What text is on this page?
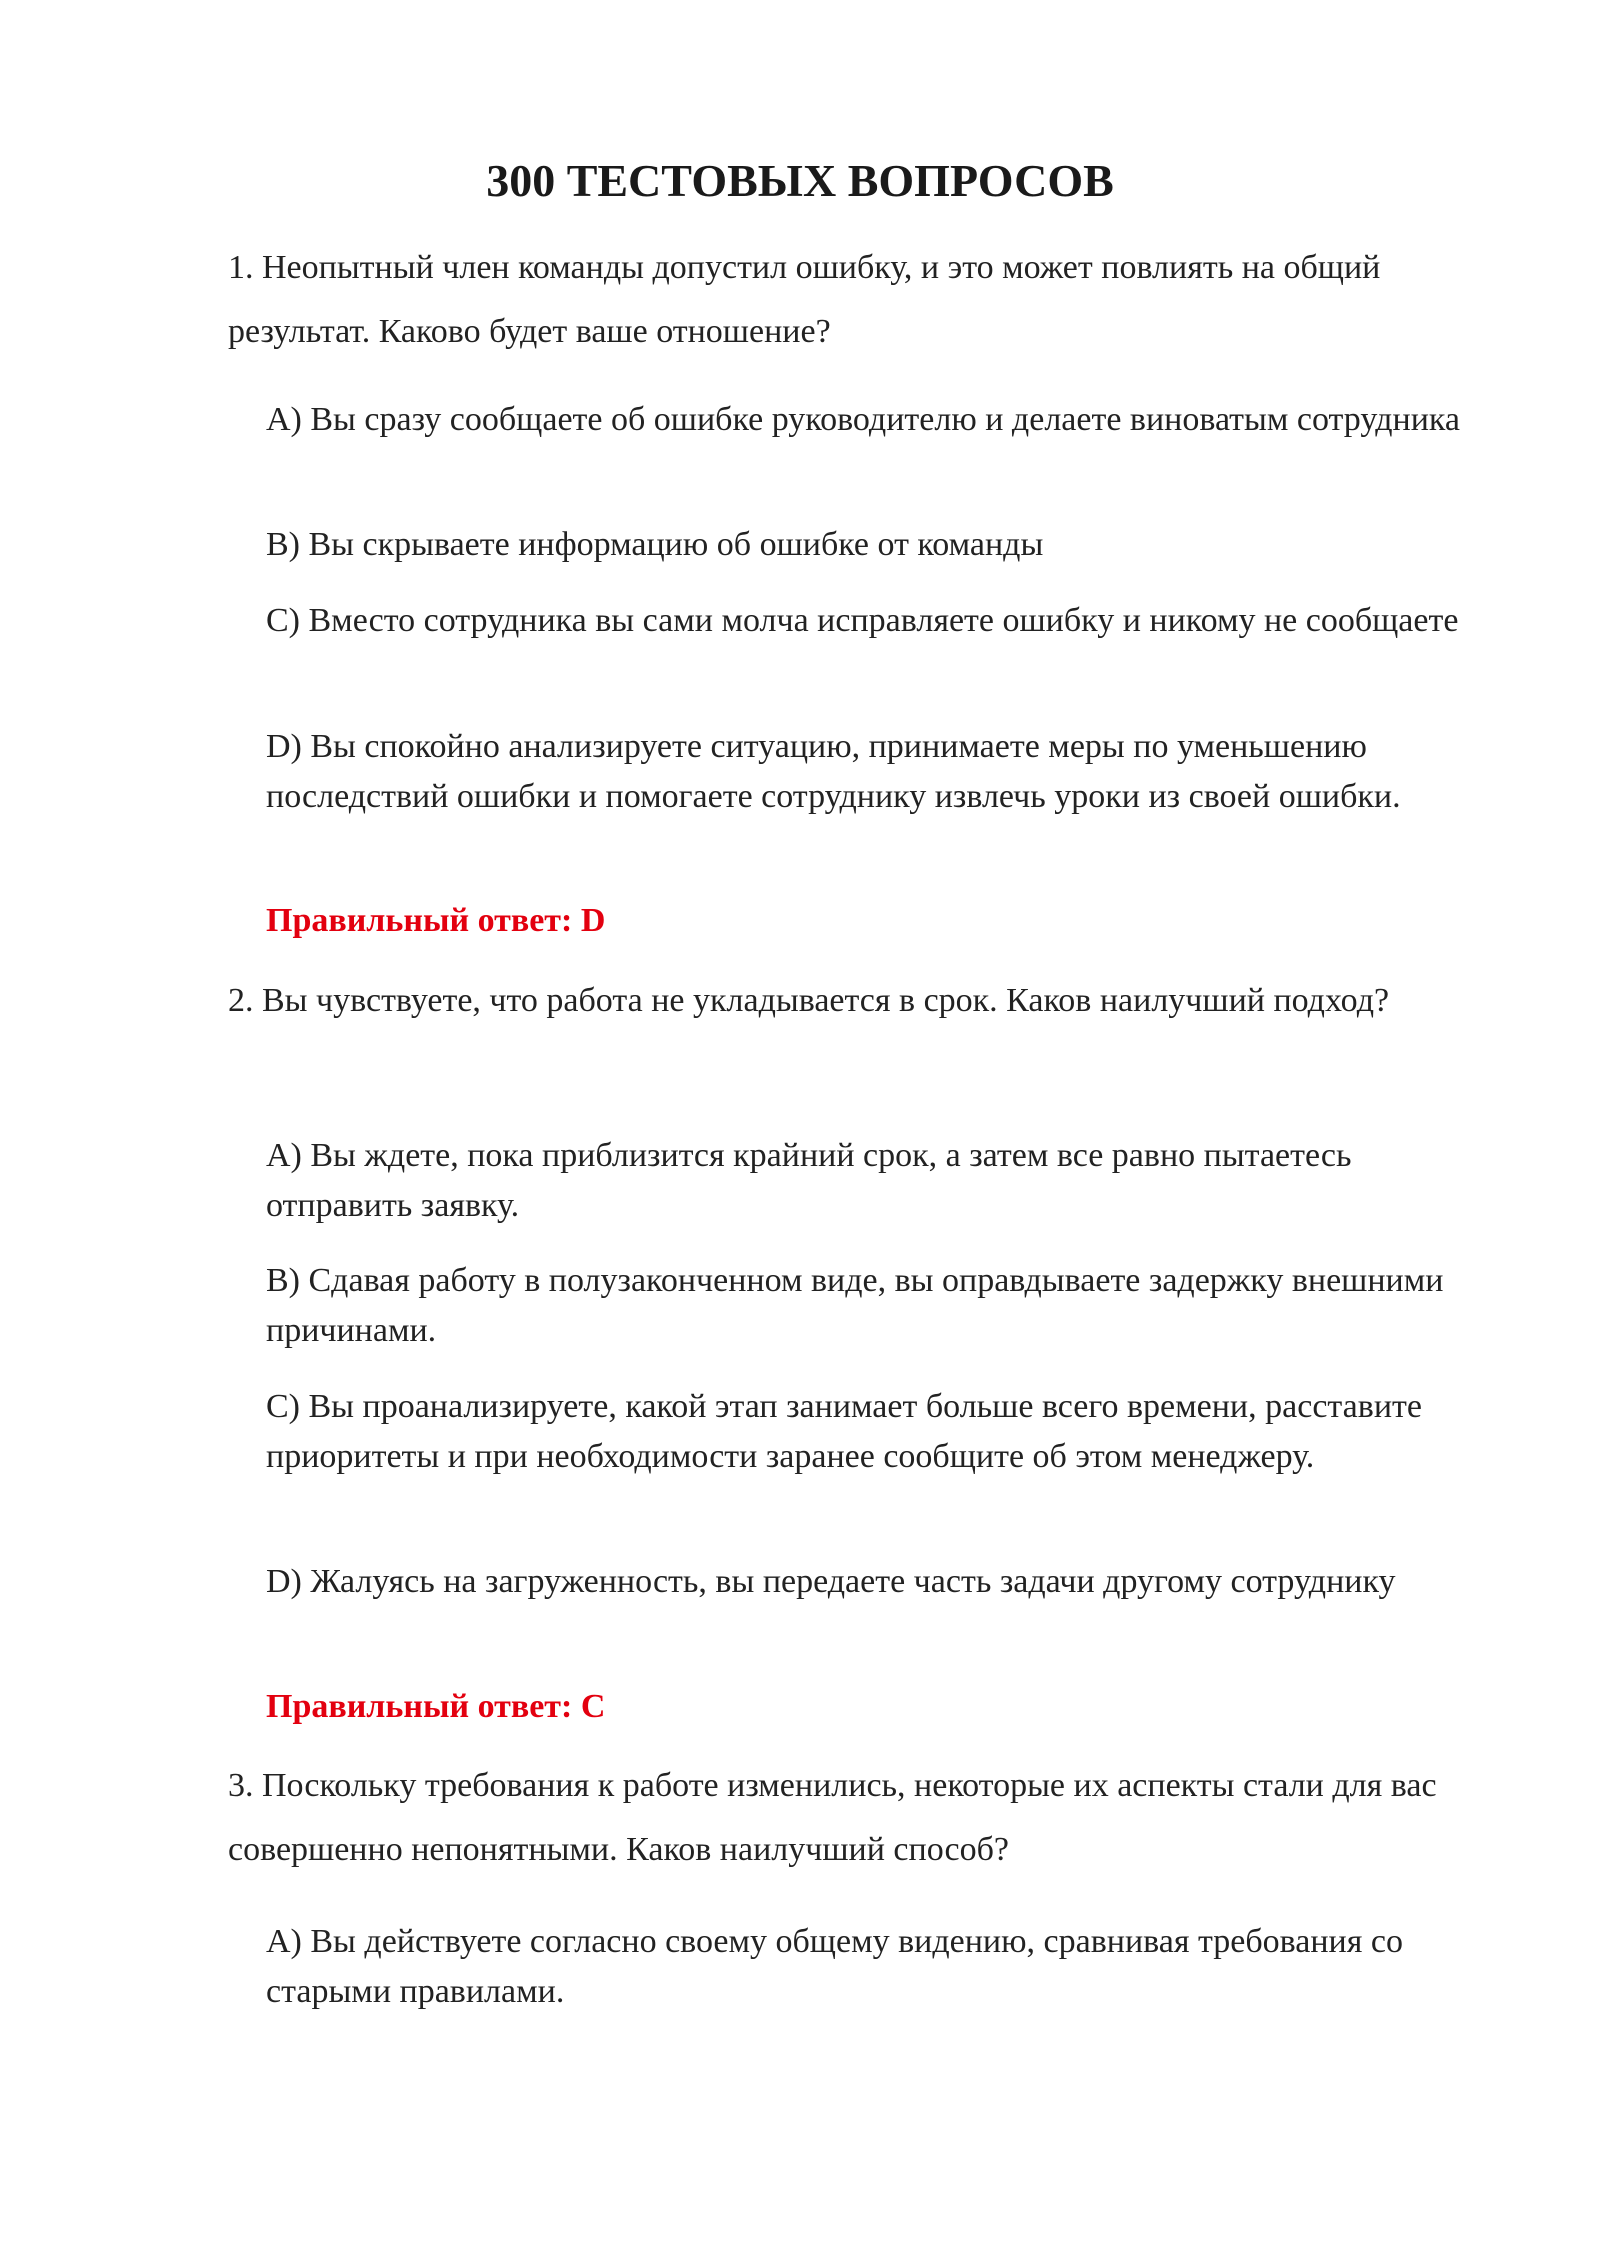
300 ТЕСТОВЫХ ВОПРОСОВ

1. Неопытный член команды допустил ошибку, и это может повлиять на общий результат. Каково будет ваше отношение?

A) Вы сразу сообщаете об ошибке руководителю и делаете виноватым сотрудника

B) Вы скрываете информацию об ошибке от команды

C) Вместо сотрудника вы сами молча исправляете ошибку и никому не сообщаете

D) Вы спокойно анализируете ситуацию, принимаете меры по уменьшению последствий ошибки и помогаете сотруднику извлечь уроки из своей ошибки.

Правильный ответ: D

2. Вы чувствуете, что работа не укладывается в срок. Каков наилучший подход?

A) Вы ждете, пока приблизится крайний срок, а затем все равно пытаетесь отправить заявку.

B) Сдавая работу в полузаконченном виде, вы оправдываете задержку внешними причинами.

C) Вы проанализируете, какой этап занимает больше всего времени, расставите приоритеты и при необходимости заранее сообщите об этом менеджеру.

D) Жалуясь на загруженность, вы передаете часть задачи другому сотруднику

Правильный ответ: C

3. Поскольку требования к работе изменились, некоторые их аспекты стали для вас совершенно непонятными. Каков наилучший способ?

A) Вы действуете согласно своему общему видению, сравнивая требования со старыми правилами.
